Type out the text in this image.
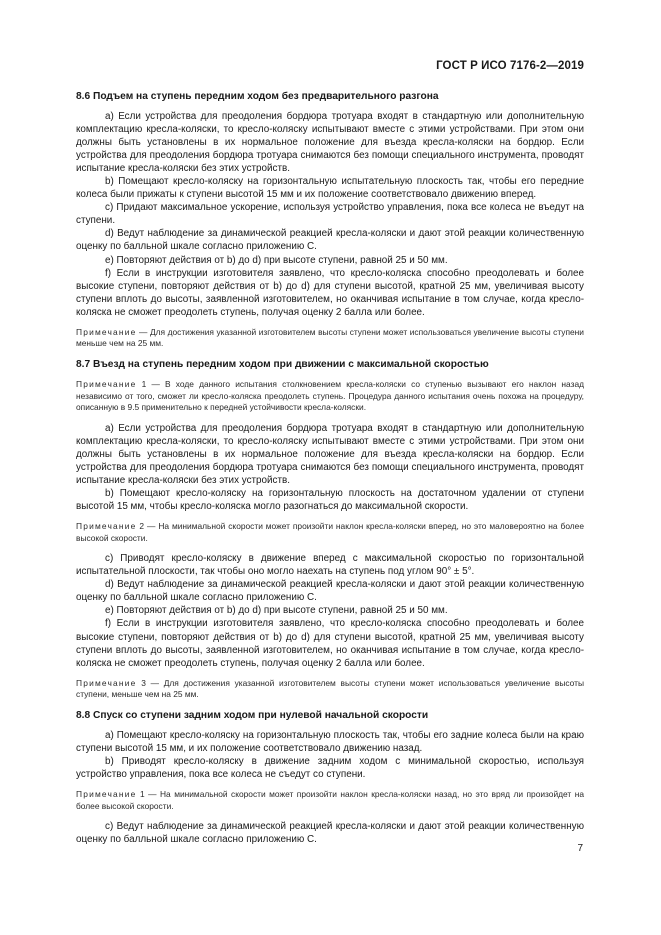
ГОСТ Р ИСО 7176-2—2019
8.6 Подъем на ступень передним ходом без предварительного разгона

a) Если устройства для преодоления бордюра тротуара входят в стандартную или дополнительную комплектацию кресла-коляски, то кресло-коляску испытывают вместе с этими устройствами. При этом они должны быть установлены в их нормальное положение для въезда кресла-коляски на бордюр. Если устройства для преодоления бордюра тротуара снимаются без помощи специального инструмента, проводят испытание кресла-коляски без этих устройств.

b) Помещают кресло-коляску на горизонтальную испытательную плоскость так, чтобы его передние колеса были прижаты к ступени высотой 15 мм и их положение соответствовало движению вперед.

c) Придают максимальное ускорение, используя устройство управления, пока все колеса не въедут на ступени.

d) Ведут наблюдение за динамической реакцией кресла-коляски и дают этой реакции количественную оценку по балльной шкале согласно приложению С.

e) Повторяют действия от b) до d) при высоте ступени, равной 25 и 50 мм.

f) Если в инструкции изготовителя заявлено, что кресло-коляска способно преодолевать и более высокие ступени, повторяют действия от b) до d) для ступени высотой, кратной 25 мм, увеличивая высоту ступени вплоть до высоты, заявленной изготовителем, но оканчивая испытание в том случае, когда кресло-коляска не сможет преодолеть ступень, получая оценку 2 балла или более.

Примечание — Для достижения указанной изготовителем высоты ступени может использоваться увеличение высоты ступени меньше чем на 25 мм.

8.7 Въезд на ступень передним ходом при движении с максимальной скоростью

Примечание 1 — В ходе данного испытания столкновением кресла-коляски со ступенью вызывают его наклон назад независимо от того, сможет ли кресло-коляска преодолеть ступень. Процедура данного испытания очень похожа на процедуру, описанную в 9.5 применительно к передней устойчивости кресла-коляски.

a) Если устройства для преодоления бордюра тротуара входят в стандартную или дополнительную комплектацию кресла-коляски, то кресло-коляску испытывают вместе с этими устройствами. При этом они должны быть установлены в их нормальное положение для въезда кресла-коляски на бордюр. Если устройства для преодоления бордюра тротуара снимаются без помощи специального инструмента, проводят испытание кресла-коляски без этих устройств.

b) Помещают кресло-коляску на горизонтальную плоскость на достаточном удалении от ступени высотой 15 мм, чтобы кресло-коляска могло разогнаться до максимальной скорости.

Примечание 2 — На минимальной скорости может произойти наклон кресла-коляски вперед, но это маловероятно на более высокой скорости.

c) Приводят кресло-коляску в движение вперед с максимальной скоростью по горизонтальной испытательной плоскости, так чтобы оно могло наехать на ступень под углом 90° ± 5°.

d) Ведут наблюдение за динамической реакцией кресла-коляски и дают этой реакции количественную оценку по балльной шкале согласно приложению С.

e) Повторяют действия от b) до d) при высоте ступени, равной 25 и 50 мм.

f) Если в инструкции изготовителя заявлено, что кресло-коляска способно преодолевать и более высокие ступени, повторяют действия от b) до d) для ступени высотой, кратной 25 мм, увеличивая высоту ступени вплоть до высоты, заявленной изготовителем, но оканчивая испытание в том случае, когда кресло-коляска не сможет преодолеть ступень, получая оценку 2 балла или более.

Примечание 3 — Для достижения указанной изготовителем высоты ступени может использоваться увеличение высоты ступени, меньше чем на 25 мм.

8.8 Спуск со ступени задним ходом при нулевой начальной скорости

a) Помещают кресло-коляску на горизонтальную плоскость так, чтобы его задние колеса были на краю ступени высотой 15 мм, и их положение соответствовало движению назад.

b) Приводят кресло-коляску в движение задним ходом с минимальной скоростью, используя устройство управления, пока все колеса не съедут со ступени.

Примечание 1 — На минимальной скорости может произойти наклон кресла-коляски назад, но это вряд ли произойдет на более высокой скорости.

c) Ведут наблюдение за динамической реакцией кресла-коляски и дают этой реакции количественную оценку по балльной шкале согласно приложению С.

7
